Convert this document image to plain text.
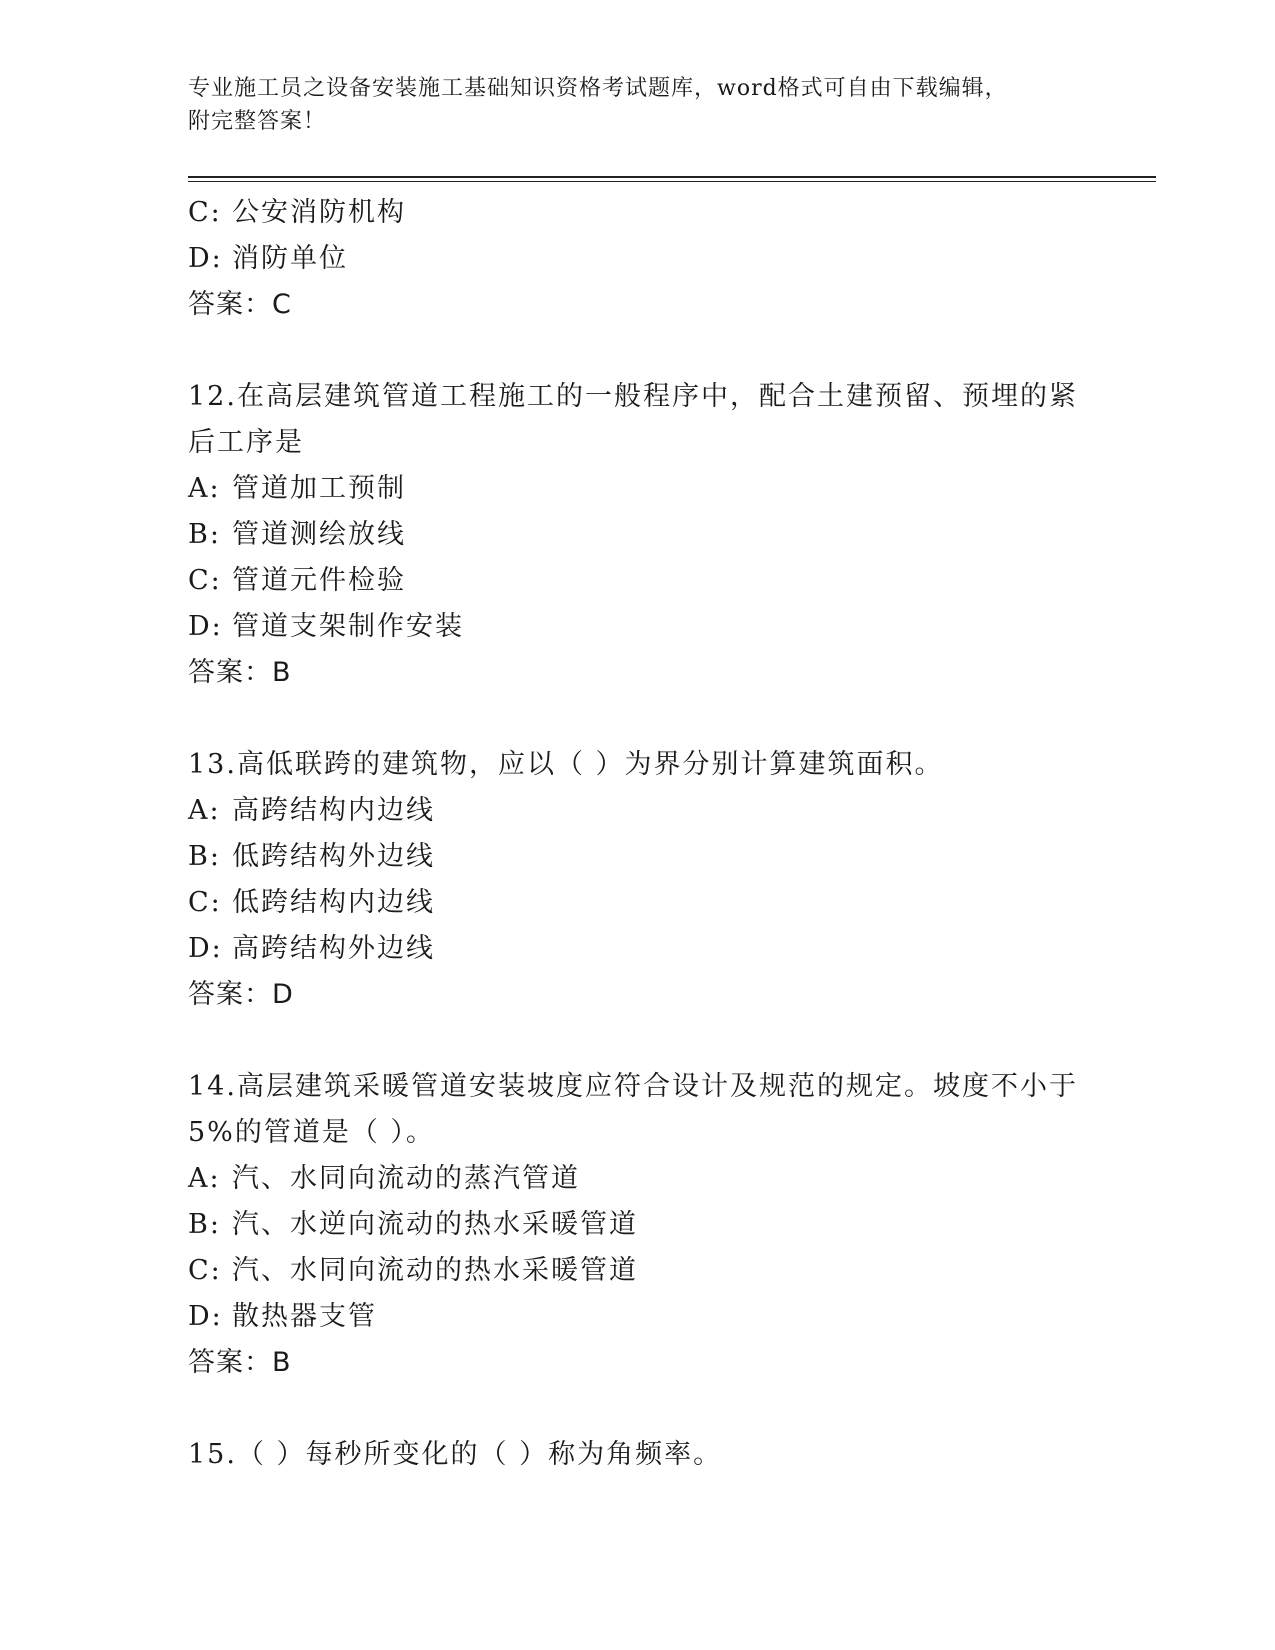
专业施工员之设备安装施工基础知识资格考试题库，word格式可自由下载编辑，
附完整答案！
C: 公安消防机构
D: 消防单位
答案：C
12.在高层建筑管道工程施工的一般程序中，配合土建预留、预埋的紧
后工序是
A: 管道加工预制
B: 管道测绘放线
C: 管道元件检验
D: 管道支架制作安装
答案：B
13.高低联跨的建筑物，应以（ ）为界分别计算建筑面积。
A: 高跨结构内边线
B: 低跨结构外边线
C: 低跨结构内边线
D: 高跨结构外边线
答案：D
14.高层建筑采暖管道安装坡度应符合设计及规范的规定。坡度不小于
5%的管道是（ ）。
A: 汽、水同向流动的蒸汽管道
B: 汽、水逆向流动的热水采暖管道
C: 汽、水同向流动的热水采暖管道
D: 散热器支管
答案：B
15.（ ）每秒所变化的（ ）称为角频率。
